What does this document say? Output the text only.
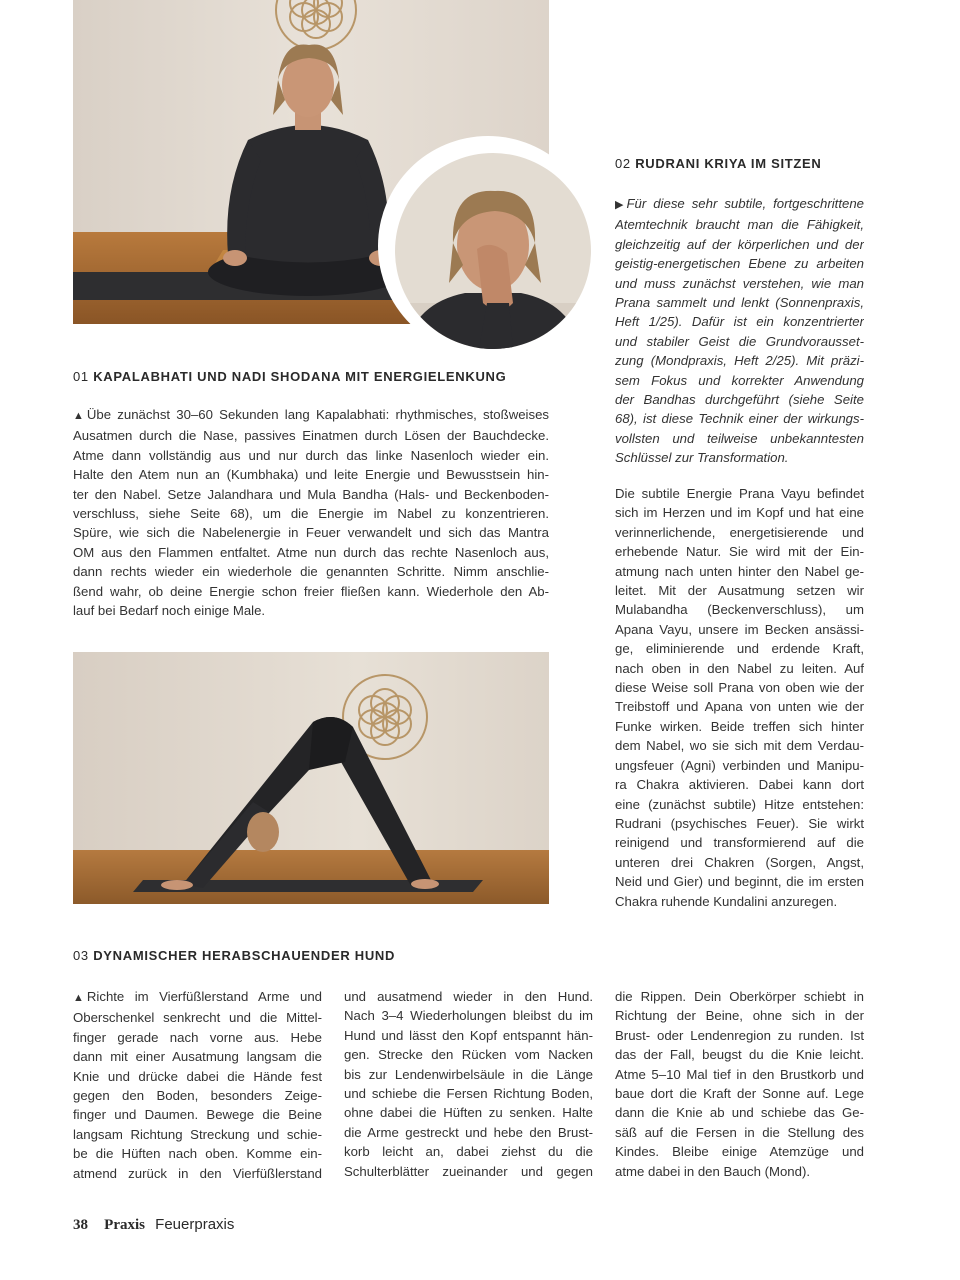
01 KAPALABHATI UND NADI SHODANA MIT ENERGIELENKUNG
▲ Übe zunächst 30–60 Sekunden lang Kapalabhati: rhythmisches, stoßweises
Ausatmen durch die Nase, passives Einatmen durch Lösen der Bauchdecke.
Atme dann vollständig aus und nur durch das linke Nasenloch wieder ein.
Halte den Atem nun an (Kumbhaka) und leite Energie und Bewusstsein hin-
ter den Nabel. Setze Jalandhara und Mula Bandha (Hals- und Beckenboden-
verschluss, siehe Seite 68), um die Energie im Nabel zu konzentrieren.
Spüre, wie sich die Nabelenergie in Feuer verwandelt und sich das Mantra
OM aus den Flammen entfaltet. Atme nun durch das rechte Nasenloch aus,
dann rechts wieder ein wiederhole die genannten Schritte. Nimm anschlie-
ßend wahr, ob deine Energie schon freier fließen kann. Wiederhole den Ab-
lauf bei Bedarf noch einige Male.
02 RUDRANI KRIYA IM SITZEN
▶ Für diese sehr subtile, fortgeschrittene
Atemtechnik braucht man die Fähigkeit,
gleichzeitig auf der körperlichen und der
geistig-energetischen Ebene zu arbeiten
und muss zunächst verstehen, wie man
Prana sammelt und lenkt (Sonnenpraxis,
Heft 1/25). Dafür ist ein konzentrierter
und stabiler Geist die Grundvorausset-
zung (Mondpraxis, Heft 2/25). Mit präzi-
sem Fokus und korrekter Anwendung
der Bandhas durchgeführt (siehe Seite
68), ist diese Technik einer der wirkungs-
vollsten und teilweise unbekanntesten
Schlüssel zur Transformation.
Die subtile Energie Prana Vayu befindet
sich im Herzen und im Kopf und hat eine
verinnerlichende, energetisierende und
erhebende Natur. Sie wird mit der Ein-
atmung nach unten hinter den Nabel ge-
leitet. Mit der Ausatmung setzen wir
Mulabandha (Beckenverschluss), um
Apana Vayu, unsere im Becken ansässi-
ge, eliminierende und erdende Kraft,
nach oben in den Nabel zu leiten. Auf
diese Weise soll Prana von oben wie der
Treibstoff und Apana von unten wie der
Funke wirken. Beide treffen sich hinter
dem Nabel, wo sie sich mit dem Verdau-
ungsfeuer (Agni) verbinden und Manipu-
ra Chakra aktivieren. Dabei kann dort
eine (zunächst subtile) Hitze entstehen:
Rudrani (psychisches Feuer). Sie wirkt
reinigend und transformierend auf die
unteren drei Chakren (Sorgen, Angst,
Neid und Gier) und beginnt, die im ersten
Chakra ruhende Kundalini anzuregen.
03 DYNAMISCHER HERABSCHAUENDER HUND
▲ Richte im Vierfüßlerstand Arme und
Oberschenkel senkrecht und die Mittel-
finger gerade nach vorne aus. Hebe
dann mit einer Ausatmung langsam die
Knie und drücke dabei die Hände fest
gegen den Boden, besonders Zeige-
finger und Daumen. Bewege die Beine
langsam Richtung Streckung und schie-
be die Hüften nach oben. Komme ein-
atmend zurück in den Vierfüßlerstand
und ausatmend wieder in den Hund.
Nach 3–4 Wiederholungen bleibst du im
Hund und lässt den Kopf entspannt hän-
gen. Strecke den Rücken vom Nacken
bis zur Lendenwirbelsäule in die Länge
und schiebe die Fersen Richtung Boden,
ohne dabei die Hüften zu senken. Halte
die Arme gestreckt und hebe den Brust-
korb leicht an, dabei ziehst du die
Schulterblätter zueinander und gegen
die Rippen. Dein Oberkörper schiebt in
Richtung der Beine, ohne sich in der
Brust- oder Lendenregion zu runden. Ist
das der Fall, beugst du die Knie leicht.
Atme 5–10 Mal tief in den Brustkorb und
baue dort die Kraft der Sonne auf. Lege
dann die Knie ab und schiebe das Ge-
säß auf die Fersen in die Stellung des
Kindes. Bleibe einige Atemzüge und
atme dabei in den Bauch (Mond).
38 Praxis Feuerpraxis
